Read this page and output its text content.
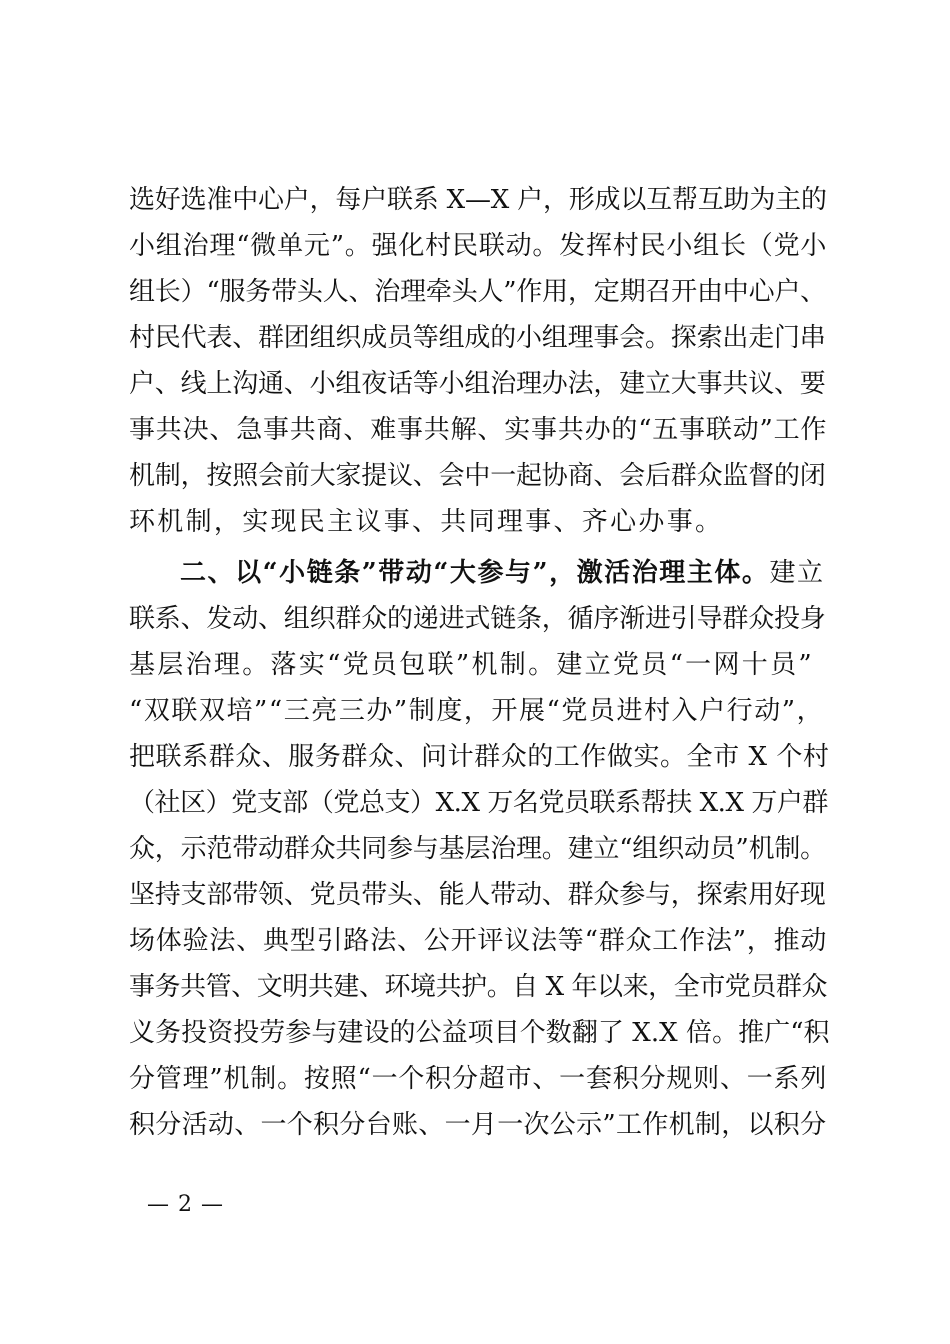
选好选准中心户，每户联系 X—X 户，形成以互帮互助为主的
小组治理“微单元”。强化村民联动。发挥村民小组长（党小
组长）“服务带头人、治理牵头人”作用，定期召开由中心户、
村民代表、群团组织成员等组成的小组理事会。探索出走门串
户、线上沟通、小组夜话等小组治理办法，建立大事共议、要
事共决、急事共商、难事共解、实事共办的“五事联动”工作
机制，按照会前大家提议、会中一起协商、会后群众监督的闭
环机制，实现民主议事、共同理事、齐心办事。
二、以“小链条”带动“大参与”，激活治理主体。建立
联系、发动、组织群众的递进式链条，循序渐进引导群众投身
基层治理。落实“党员包联”机制。建立党员“一网十员”
“双联双培”“三亮三办”制度，开展“党员进村入户行动”，
把联系群众、服务群众、问计群众的工作做实。全市 X 个村
（社区）党支部（党总支）X.X 万名党员联系帮扶 X.X 万户群
众，示范带动群众共同参与基层治理。建立“组织动员”机制。
坚持支部带领、党员带头、能人带动、群众参与，探索用好现
场体验法、典型引路法、公开评议法等“群众工作法”，推动
事务共管、文明共建、环境共护。自 X 年以来，全市党员群众
义务投资投劳参与建设的公益项目个数翻了 X.X 倍。推广“积
分管理”机制。按照“一个积分超市、一套积分规则、一系列
积分活动、一个积分台账、一月一次公示”工作机制，以积分
— 2 —
